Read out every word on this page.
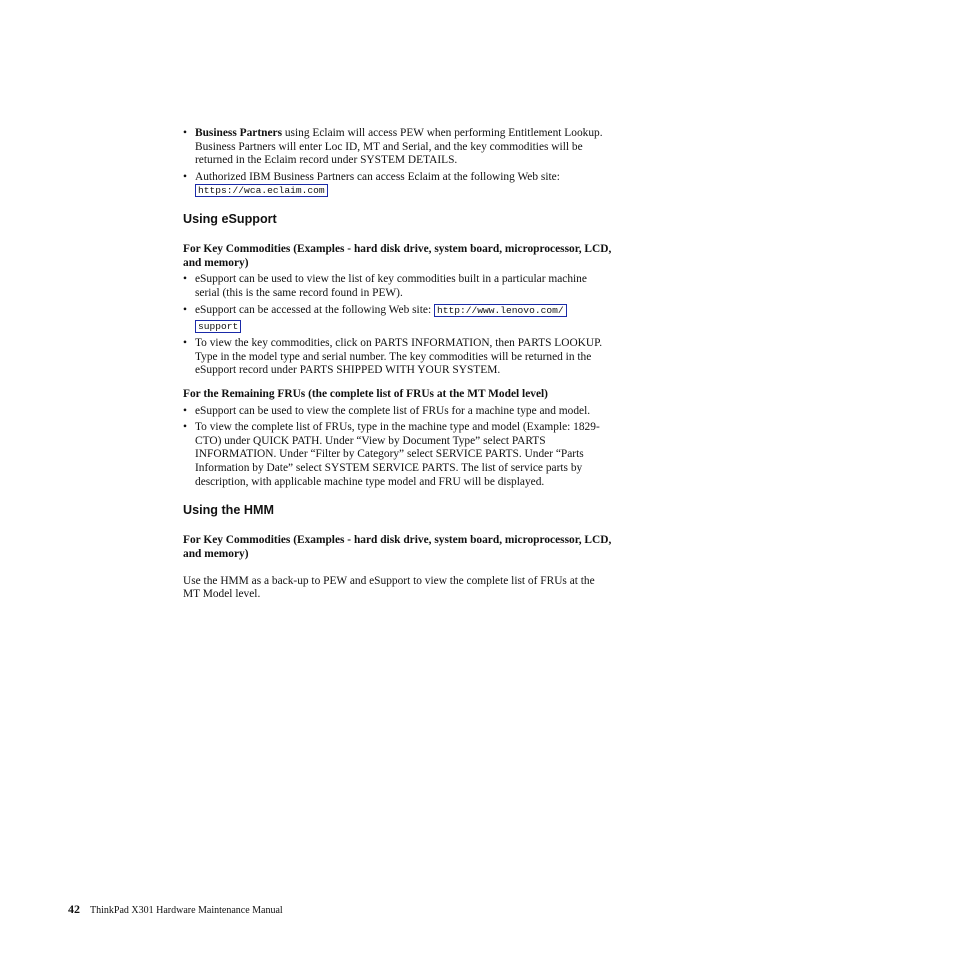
• Business Partners using Eclaim will access PEW when performing Entitlement Lookup. Business Partners will enter Loc ID, MT and Serial, and the key commodities will be returned in the Eclaim record under SYSTEM DETAILS.
• Authorized IBM Business Partners can access Eclaim at the following Web site: https://wca.eclaim.com
Using eSupport
For Key Commodities (Examples - hard disk drive, system board, microprocessor, LCD, and memory)
• eSupport can be used to view the list of key commodities built in a particular machine serial (this is the same record found in PEW).
• eSupport can be accessed at the following Web site: http://www.lenovo.com/
support
• To view the key commodities, click on PARTS INFORMATION, then PARTS LOOKUP. Type in the model type and serial number. The key commodities will be returned in the eSupport record under PARTS SHIPPED WITH YOUR SYSTEM.
For the Remaining FRUs (the complete list of FRUs at the MT Model level)
• eSupport can be used to view the complete list of FRUs for a machine type and model.
• To view the complete list of FRUs, type in the machine type and model (Example: 1829-CTO) under QUICK PATH. Under “View by Document Type” select PARTS INFORMATION. Under “Filter by Category” select SERVICE PARTS. Under “Parts Information by Date” select SYSTEM SERVICE PARTS. The list of service parts by description, with applicable machine type model and FRU will be displayed.
Using the HMM
For Key Commodities (Examples - hard disk drive, system board, microprocessor, LCD, and memory)

Use the HMM as a back-up to PEW and eSupport to view the complete list of FRUs at the MT Model level.

42 ThinkPad X301 Hardware Maintenance Manual
